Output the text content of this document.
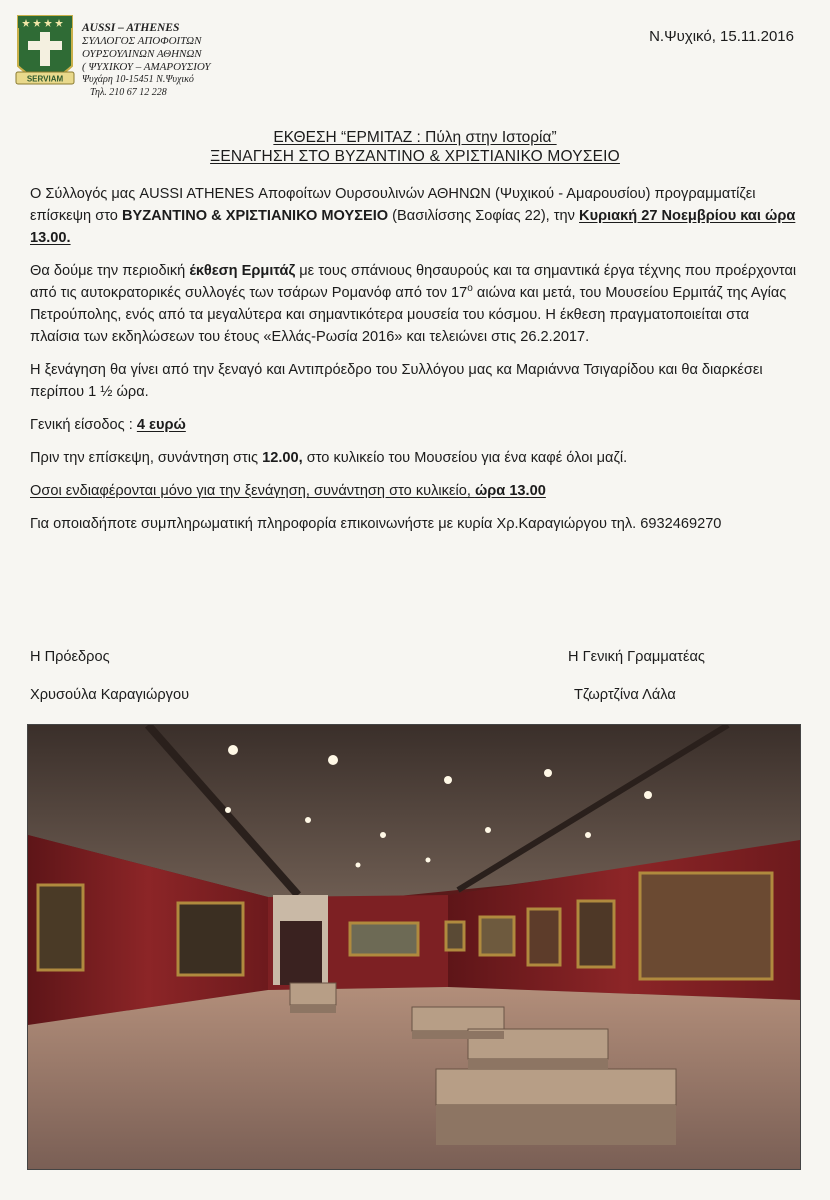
SERVIAM
AUSSI – ATHENES
ΣΥΛΛΟΓΟΣ ΑΠΟΦΟΙΤΩΝ
ΟΥΡΣΟΥΛΙΝΩΝ ΑΘΗΝΩΝ
( ΨΥΧΙΚΟΥ – ΑΜΑΡΟΥΣΙΟΥ
Ψυχάρη 10-15451 Ν.Ψυχικό
Τηλ. 210 67 12 228
Ν.Ψυχικό, 15.11.2016
ΕΚΘΕΣΗ “ΕΡΜΙΤΑΖ : Πύλη στην Ιστορία”
ΞΕΝΑΓΗΣΗ ΣΤΟ ΒΥΖΑΝΤΙΝΟ & ΧΡΙΣΤΙΑΝΙΚΟ ΜΟΥΣΕΙΟ

Ο Σύλλογός μας AUSSI ATHENES Αποφοίτων Ουρσουλινών ΑΘΗΝΩΝ (Ψυχικού - Αμαρουσίου) προγραμματίζει επίσκεψη στο ΒΥΖΑΝΤΙΝΟ & ΧΡΙΣΤΙΑΝΙΚΟ ΜΟΥΣΕΙΟ (Βασιλίσσης Σοφίας 22), την Κυριακή 27 Νοεμβρίου και ώρα 13.00.

Θα δούμε την περιοδική έκθεση Ερμιτάζ με τους σπάνιους θησαυρούς και τα σημαντικά έργα τέχνης που προέρχονται από τις αυτοκρατορικές συλλογές των τσάρων Ρομανόφ από τον $17^o$ αιώνα και μετά, του Μουσείου Ερμιτάζ της Αγίας Πετρούπολης, ενός από τα μεγαλύτερα και σημαντικότερα μουσεία του κόσμου. Η έκθεση πραγματοποιείται στα πλαίσια των εκδηλώσεων του έτους «Ελλάς-Ρωσία 2016» και τελειώνει στις 26.2.2017.

Η ξενάγηση θα γίνει από την ξεναγό και Αντιπρόεδρο του Συλλόγου μας κα Μαριάννα Τσιγαρίδου και θα διαρκέσει περίπου 1 ½ ώρα.

Γενική είσοδος : 4 ευρώ

Πριν την επίσκεψη, συνάντηση στις 12.00, στο κυλικείο του Μουσείου για ένα καφέ όλοι μαζί.

Οσοι ενδιαφέρονται μόνο για την ξενάγηση, συνάντηση στο κυλικείο, ώρα 13.00

Για οποιαδήποτε συμπληρωματική πληροφορία επικοινωνήστε με κυρία Χρ.Καραγιώργου τηλ. 6932469270

Η Πρόεδρος
Χρυσούλα Καραγιώργου
Η Γενική Γραμματέας
Τζωρτζίνα Λάλα
